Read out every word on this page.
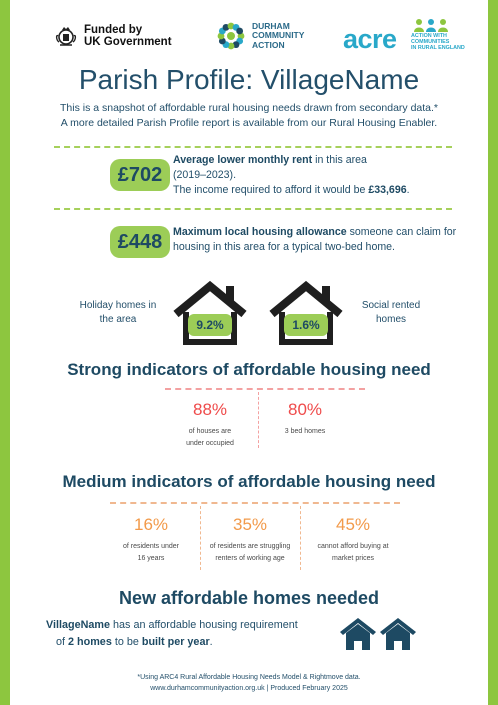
Funded by
UK Government
DURHAM
COMMUNITY
ACTION	acre	ACTION WITH
COMMUNITIES
IN RURAL ENGLAND
Parish Profile: VillageName
This is a snapshot of affordable rural housing needs drawn from secondary data.*
A more detailed Parish Profile report is available from our Rural Housing Enabler.
£702
Average lower monthly rent in this area
(2019–2023).
The income required to afford it would be £33,696.
£448	Maximum local housing allowance someone can claim for housing in this area for a typical two-bed home.
Holiday homes in
the area	9.2%	1.6%
Social rented
homes
Strong indicators of affordable housing need
88%
of houses are
under occupied
80%
3 bed homes
Medium indicators of affordable housing need
16%
of residents under
16 years
35%
of residents are struggling
renters of working age
45%
cannot afford buying at
market prices
New affordable homes needed
VillageName has an affordable housing requirement
of 2 homes to be built per year.
*Using ARC4 Rural Affordable Housing Needs Model & Rightmove data.
www.durhamcommunityaction.org.uk | Produced February 2025
